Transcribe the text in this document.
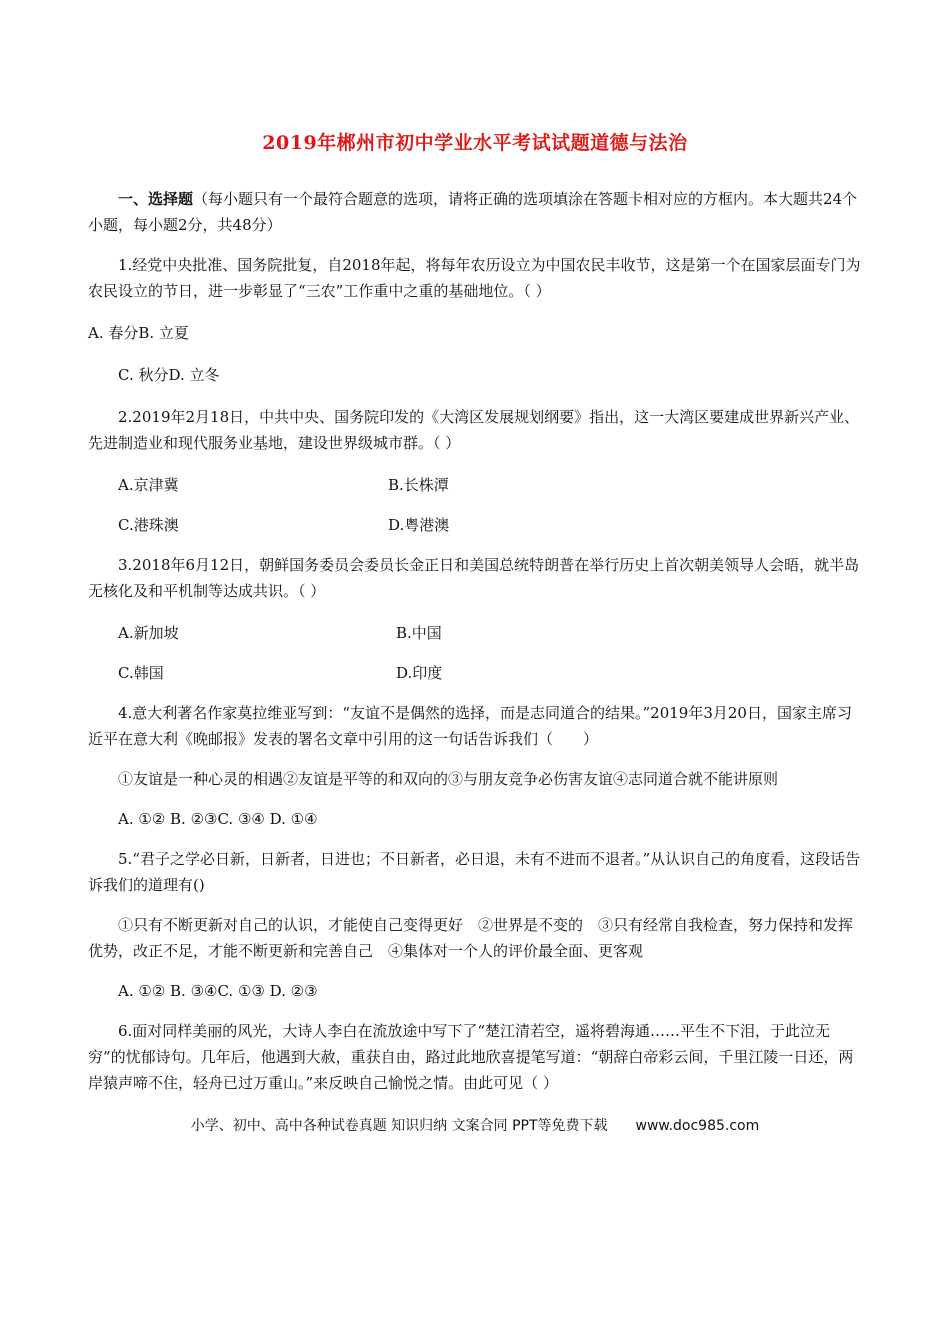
2019年郴州市初中学业水平考试试题道德与法治

一、选择题（每小题只有一个最符合题意的选项，请将正确的选项填涂在答题卡相对应的方框内。本大题共24个小题，每小题2分，共48分）

1.经党中央批准、国务院批复，自2018年起，将每年农历设立为中国农民丰收节，这是第一个在国家层面专门为农民设立的节日，进一步彰显了“三农”工作重中之重的基础地位。（ ）

A. 春分B. 立夏

C. 秋分D. 立冬

2.2019年2月18日，中共中央、国务院印发的《大湾区发展规划纲要》指出，这一大湾区要建成世界新兴产业、先进制造业和现代服务业基地，建设世界级城市群。（ ）

A.京津冀	B.长株潭
C.港珠澳	D.粤港澳

3.2018年6月12日，朝鲜国务委员会委员长金正日和美国总统特朗普在举行历史上首次朝美领导人会晤，就半岛无核化及和平机制等达成共识。（ ）

A.新加坡	B.中国
C.韩国	D.印度

4.意大利著名作家莫拉维亚写到：“友谊不是偶然的选择，而是志同道合的结果。”2019年3月20日，国家主席习近平在意大利《晚邮报》发表的署名文章中引用的这一句话告诉我们（　　）

①友谊是一种心灵的相遇②友谊是平等的和双向的③与朋友竞争必伤害友谊④志同道合就不能讲原则

A. ①② B. ②③C. ③④ D. ①④

5.“君子之学必日新，日新者，日进也；不日新者，必日退，未有不进而不退者。”从认识自己的角度看，这段话告诉我们的道理有()

①只有不断更新对自己的认识，才能使自己变得更好　②世界是不变的　③只有经常自我检查，努力保持和发挥优势，改正不足，才能不断更新和完善自己　④集体对一个人的评价最全面、更客观

A. ①② B. ③④C. ①③ D. ②③

6.面对同样美丽的风光，大诗人李白在流放途中写下了“楚江清若空，遥将碧海通……平生不下泪，于此泣无穷”的忧郁诗句。几年后，他遇到大赦，重获自由，路过此地欣喜提笔写道：“朝辞白帝彩云间，千里江陵一日还，两岸猿声啼不住，轻舟已过万重山。”来反映自己愉悦之情。由此可见（ ）

小学、初中、高中各种试卷真题 知识归纳 文案合同 PPT等免费下载 www.doc985.com
